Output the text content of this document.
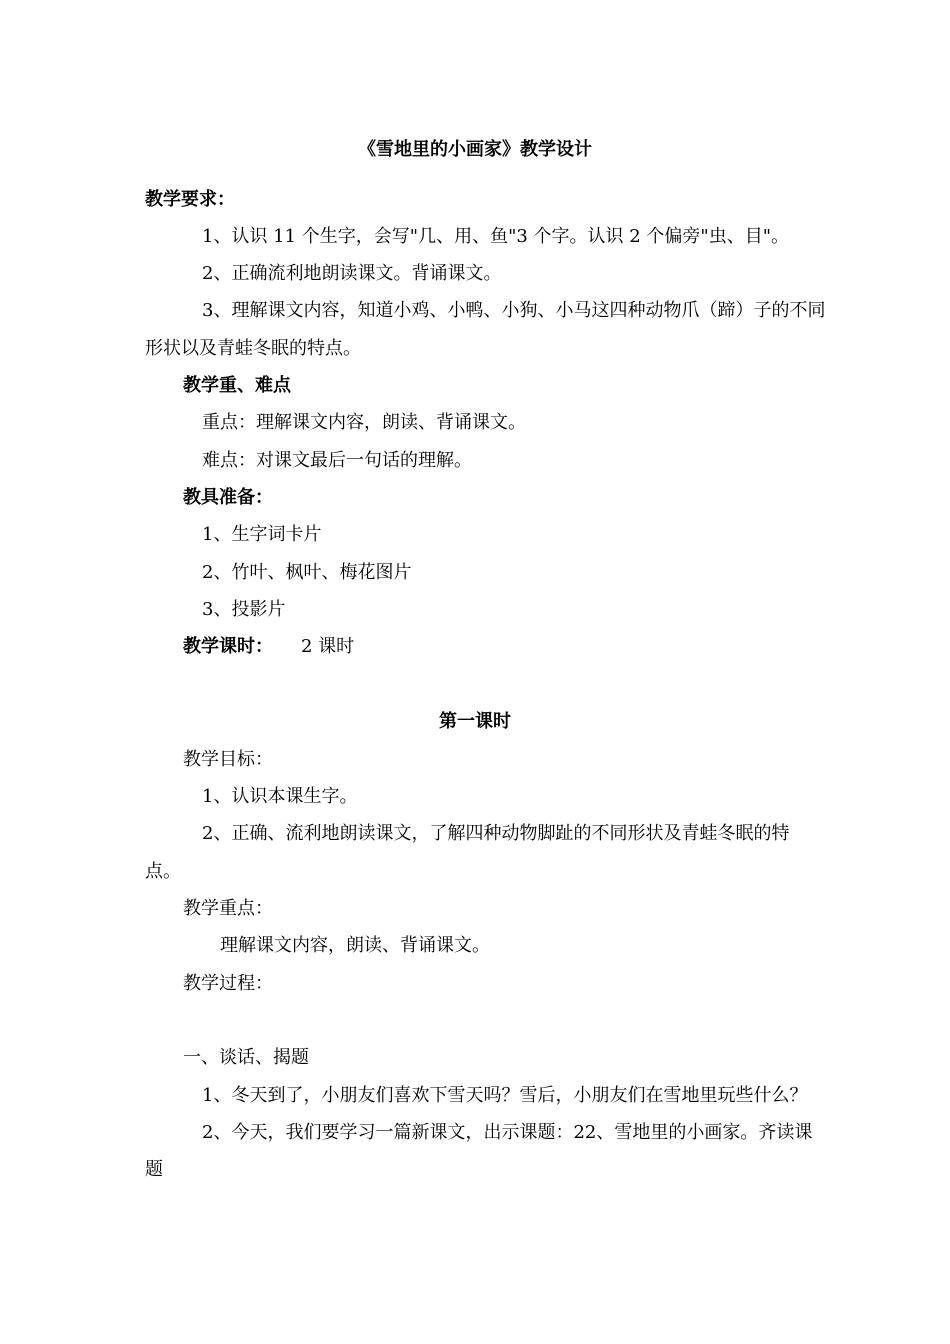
《雪地里的小画家》教学设计
教学要求：
1、认识 11 个生字，会写"几、用、鱼"3 个字。认识 2 个偏旁"虫、目"。
2、正确流利地朗读课文。背诵课文。
3、理解课文内容，知道小鸡、小鸭、小狗、小马这四种动物爪（蹄）子的不同
形状以及青蛙冬眠的特点。
教学重、难点
重点：理解课文内容，朗读、背诵课文。
难点：对课文最后一句话的理解。
教具准备：
1、生字词卡片
2、竹叶、枫叶、梅花图片
3、投影片
教学课时： 2 课时
第一课时
教学目标：
1、认识本课生字。
2、正确、流利地朗读课文，了解四种动物脚趾的不同形状及青蛙冬眠的特
点。
教学重点：
理解课文内容，朗读、背诵课文。
教学过程：
一、谈话、揭题
1、冬天到了，小朋友们喜欢下雪天吗？雪后，小朋友们在雪地里玩些什么？
2、今天，我们要学习一篇新课文，出示课题：22、雪地里的小画家。齐读课
题
